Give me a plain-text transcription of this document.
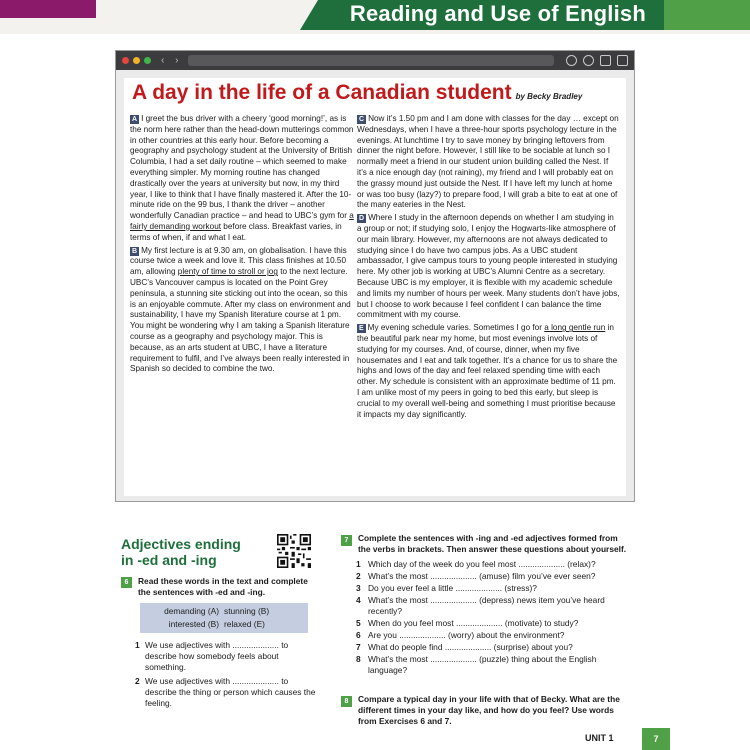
Reading and Use of English
‹ ›
A day in the life of a Canadian student by Becky Bradley

A I greet the bus driver with a cheery ‘good morning!’, as is the norm here rather than the head-down mutterings common in other countries at this early hour. Before becoming a geography and psychology student at the University of British Columbia, I had a set daily routine – which seemed to make everything simpler. My morning routine has changed drastically over the years at university but now, in my third year, I like to think that I have finally mastered it. After the 10-minute ride on the 99 bus, I thank the driver – another wonderfully Canadian practice – and head to UBC’s gym for a fairly demanding workout before class. Breakfast varies, in terms of when, if and what I eat.

B My first lecture is at 9.30 am, on globalisation. I have this course twice a week and love it. This class finishes at 10.50 am, allowing plenty of time to stroll or jog to the next lecture. UBC’s Vancouver campus is located on the Point Grey peninsula, a stunning site sticking out into the ocean, so this is an enjoyable commute. After my class on environment and sustainability, I have my Spanish literature course at 1 pm. You might be wondering why I am taking a Spanish literature course as a geography and psychology major. This is because, as an arts student at UBC, I have a literature requirement to fulfil, and I’ve always been really interested in Spanish so decided to combine the two.

C Now it’s 1.50 pm and I am done with classes for the day … except on Wednesdays, when I have a three-hour sports psychology lecture in the evenings. At lunchtime I try to save money by bringing leftovers from dinner the night before. However, I still like to be sociable at lunch so I normally meet a friend in our student union building called the Nest. If it’s a nice enough day (not raining), my friend and I will probably eat on the grassy mound just outside the Nest. If I have left my lunch at home or was too busy (lazy?) to prepare food, I will grab a bite to eat at one of the many eateries in the Nest.

D Where I study in the afternoon depends on whether I am studying in a group or not; if studying solo, I enjoy the Hogwarts-like atmosphere of our main library. However, my afternoons are not always dedicated to studying since I do have two campus jobs. As a UBC student ambassador, I give campus tours to young people interested in studying here. My other job is working at UBC’s Alumni Centre as a secretary. Because UBC is my employer, it is flexible with my academic schedule and limits my number of hours per week. Many students don’t have jobs, but I choose to work because I feel confident I can balance the time commitment with my course.

E My evening schedule varies. Sometimes I go for a long gentle run in the beautiful park near my home, but most evenings involve lots of studying for my courses. And, of course, dinner, when my five housemates and I eat and talk together. It’s a chance for us to share the highs and lows of the day and feel relaxed spending time with each other. My schedule is consistent with an approximate bedtime of 11 pm. I am unlike most of my peers in going to bed this early, but sleep is crucial to my overall well-being and something I must prioritise because it impacts my day significantly.

Adjectives ending
in -ed and -ing
6	Read these words in the text and complete the sentences with -ed and -ing.
demanding (A) stunning (B)
interested (B) relaxed (E)
1 We use adjectives with .................... to describe how somebody feels about something.
2 We use adjectives with .................... to describe the thing or person which causes the feeling.
7	Complete the sentences with -ing and -ed adjectives formed from the verbs in brackets. Then answer these questions about yourself.
1 Which day of the week do you feel most .................... (relax)?
2 What’s the most .................... (amuse) film you’ve ever seen?
3 Do you ever feel a little .................... (stress)?
4 What’s the most .................... (depress) news item you’ve heard recently?
5 When do you feel most .................... (motivate) to study?
6 Are you .................... (worry) about the environment?
7 What do people find .................... (surprise) about you?
8 What’s the most .................... (puzzle) thing about the English language?
8	Compare a typical day in your life with that of Becky. What are the different times in your day like, and how do you feel? Use words from Exercises 6 and 7.
UNIT 1	7
